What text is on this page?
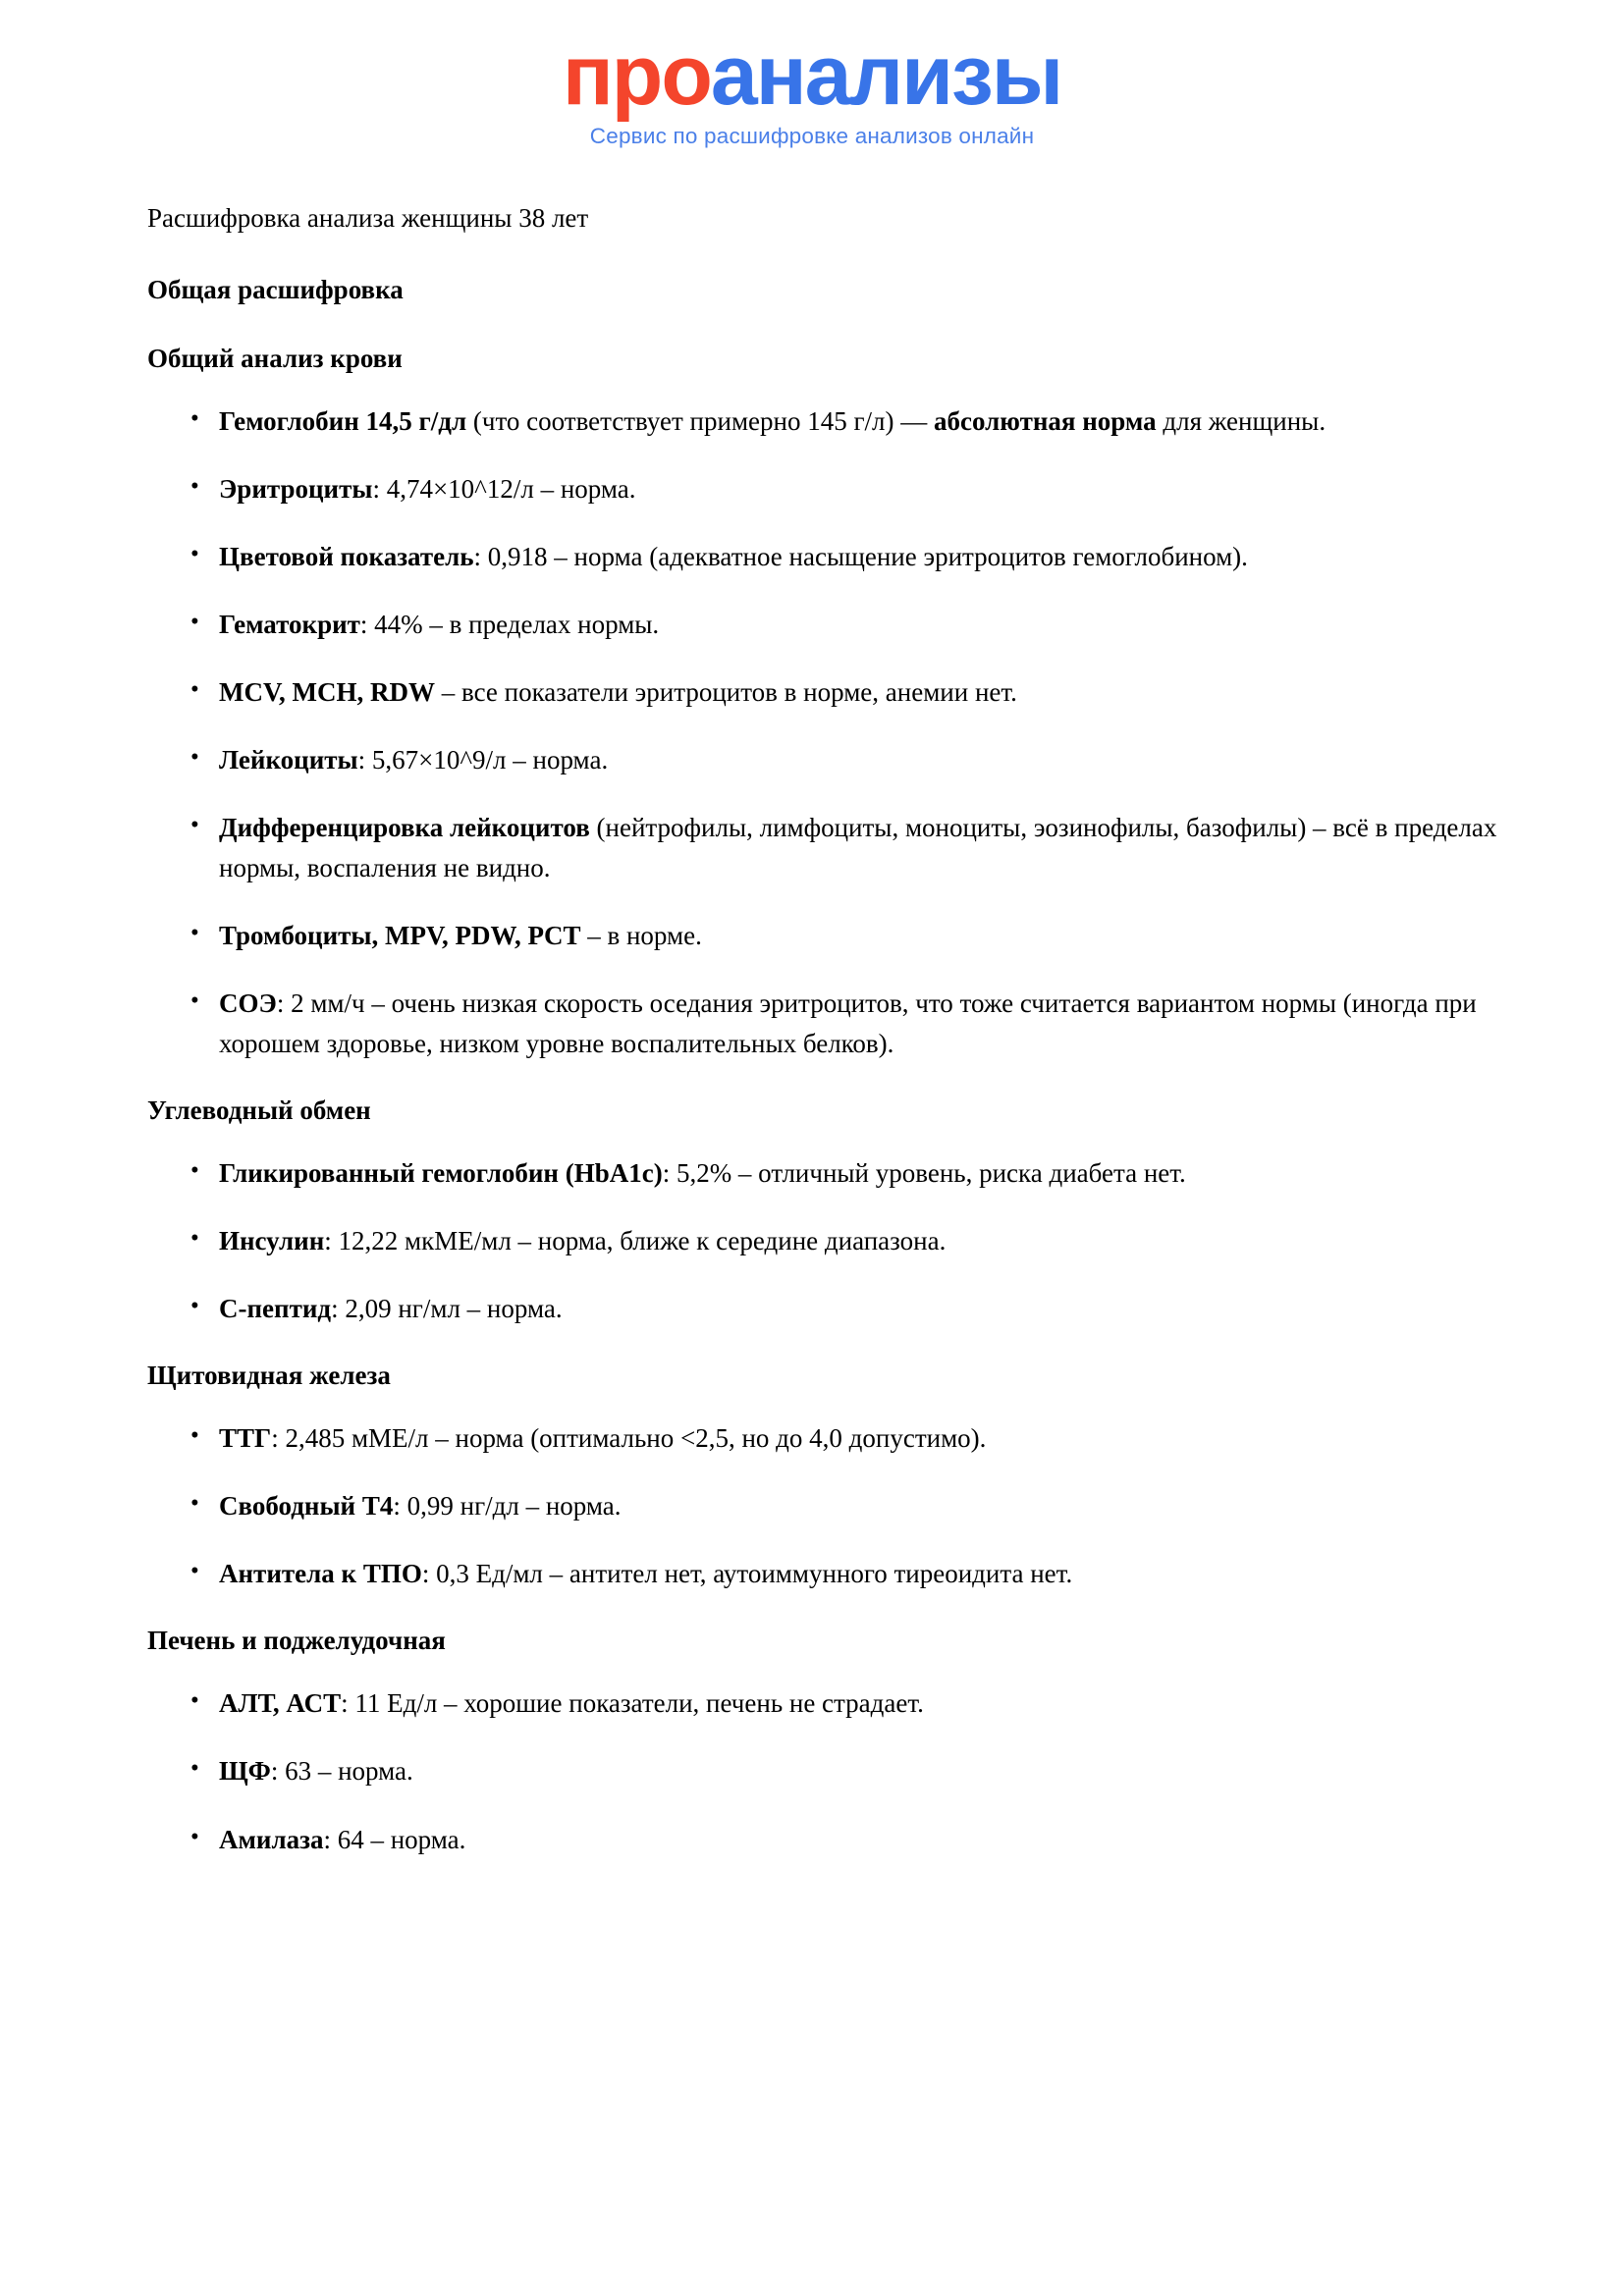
проанализы
Сервис по расшифровке анализов онлайн

Расшифровка анализа женщины 38 лет

Общая расшифровка
Общий анализ крови
• Гемоглобин 14,5 г/дл (что соответствует примерно 145 г/л) — абсолютная норма для женщины.
• Эритроциты: 4,74×10^12/л – норма.
• Цветовой показатель: 0,918 – норма (адекватное насыщение эритроцитов гемоглобином).
• Гематокрит: 44% – в пределах нормы.
• MCV, MCH, RDW – все показатели эритроцитов в норме, анемии нет.
• Лейкоциты: 5,67×10^9/л – норма.
• Дифференцировка лейкоцитов (нейтрофилы, лимфоциты, моноциты, эозинофилы, базофилы) – всё в пределах нормы, воспаления не видно.
• Тромбоциты, MPV, PDW, PCT – в норме.
• СОЭ: 2 мм/ч – очень низкая скорость оседания эритроцитов, что тоже считается вариантом нормы (иногда при хорошем здоровье, низком уровне воспалительных белков).
Углеводный обмен
• Гликированный гемоглобин (HbA1c): 5,2% – отличный уровень, риска диабета нет.
• Инсулин: 12,22 мкМЕ/мл – норма, ближе к середине диапазона.
• С-пептид: 2,09 нг/мл – норма.
Щитовидная железа
• ТТГ: 2,485 мМЕ/л – норма (оптимально <2,5, но до 4,0 допустимо).
• Свободный Т4: 0,99 нг/дл – норма.
• Антитела к ТПО: 0,3 Ед/мл – антител нет, аутоиммунного тиреоидита нет.
Печень и поджелудочная
• АЛТ, АСТ: 11 Ед/л – хорошие показатели, печень не страдает.
• ЩФ: 63 – норма.
• Амилаза: 64 – норма.
